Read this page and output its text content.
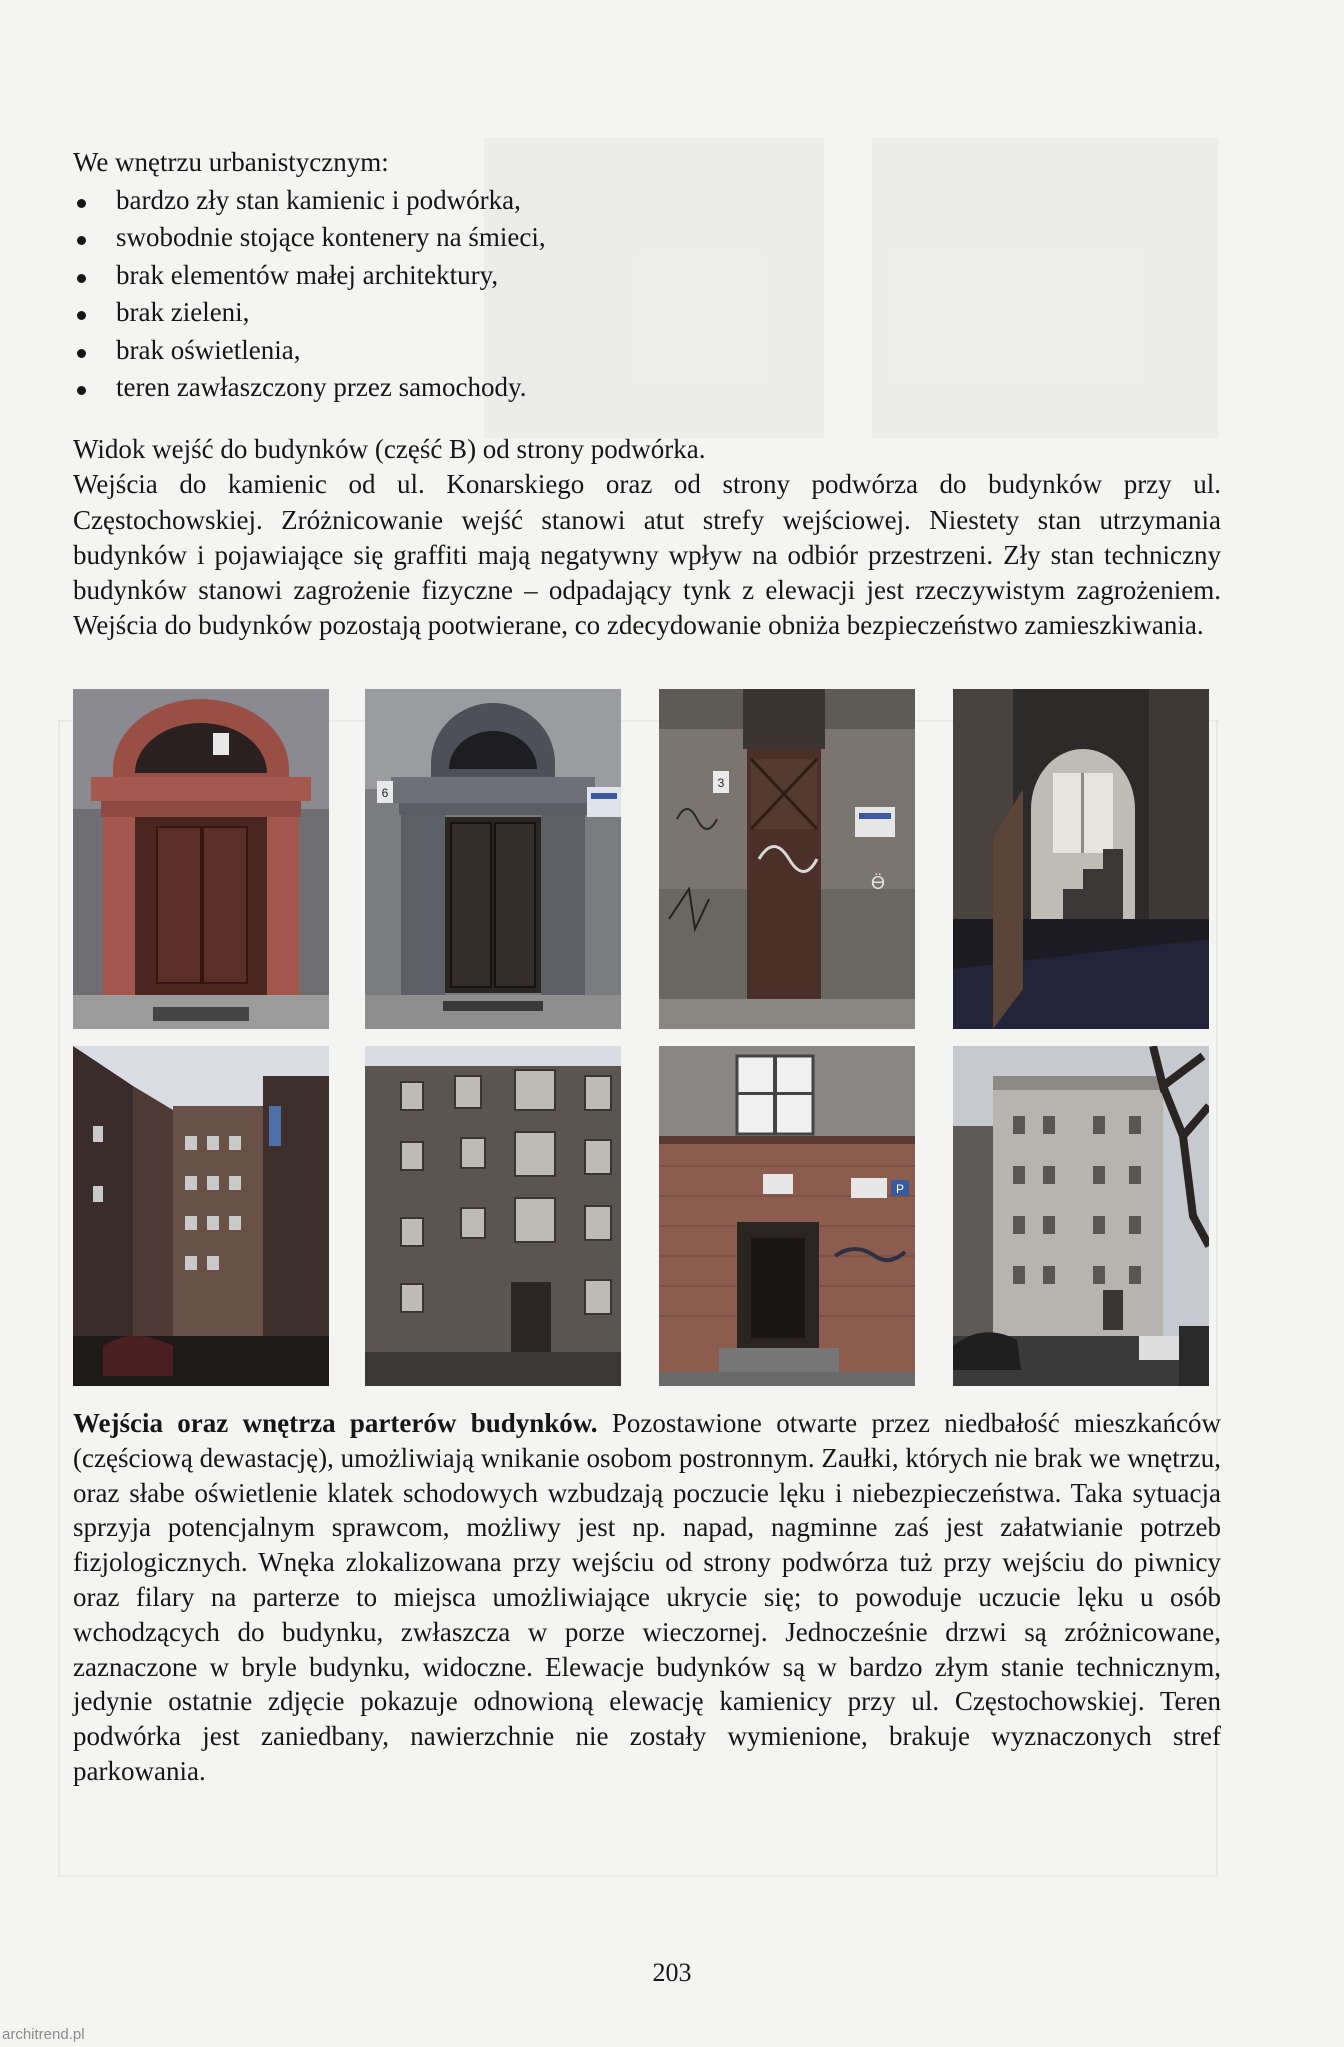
We wnętrzu urbanistycznym:
bardzo zły stan kamienic i podwórka,
swobodnie stojące kontenery na śmieci,
brak elementów małej architektury,
brak zieleni,
brak oświetlenia,
teren zawłaszczony przez samochody.

Widok wejść do budynków (część B) od strony podwórka.

Wejścia do kamienic od ul. Konarskiego oraz od strony podwórza do budynków przy ul. Częstochowskiej. Zróżnicowanie wejść stanowi atut strefy wejściowej. Niestety stan utrzymania budynków i pojawiające się graffiti mają negatywny wpływ na odbiór przestrzeni. Zły stan techniczny budynków stanowi zagrożenie fizyczne – odpadający tynk z elewacji jest rzeczywistym zagrożeniem. Wejścia do budynków pozostają pootwierane, co zdecydowanie obniża bezpieczeństwo zamieszkiwania.

6
3
Ӫ
P

Wejścia oraz wnętrza parterów budynków. Pozostawione otwarte przez niedbałość mieszkańców (częściową dewastację), umożliwiają wnikanie osobom postronnym. Zaułki, których nie brak we wnętrzu, oraz słabe oświetlenie klatek schodowych wzbudzają poczucie lęku i niebezpieczeństwa. Taka sytuacja sprzyja potencjalnym sprawcom, możliwy jest np. napad, nagminne zaś jest załatwianie potrzeb fizjologicznych. Wnęka zlokalizowana przy wejściu od strony podwórza tuż przy wejściu do piwnicy oraz filary na parterze to miejsca umożliwiające ukrycie się; to powoduje uczucie lęku u osób wchodzących do budynku, zwłaszcza w porze wieczornej. Jednocześnie drzwi są zróżnicowane, zaznaczone w bryle budynku, widoczne. Elewacje budynków są w bardzo złym stanie technicznym, jedynie ostatnie zdjęcie pokazuje odnowioną elewację kamienicy przy ul. Częstochowskiej. Teren podwórka jest zaniedbany, nawierzchnie nie zostały wymienione, brakuje wyznaczonych stref parkowania.

203
architrend.pl
